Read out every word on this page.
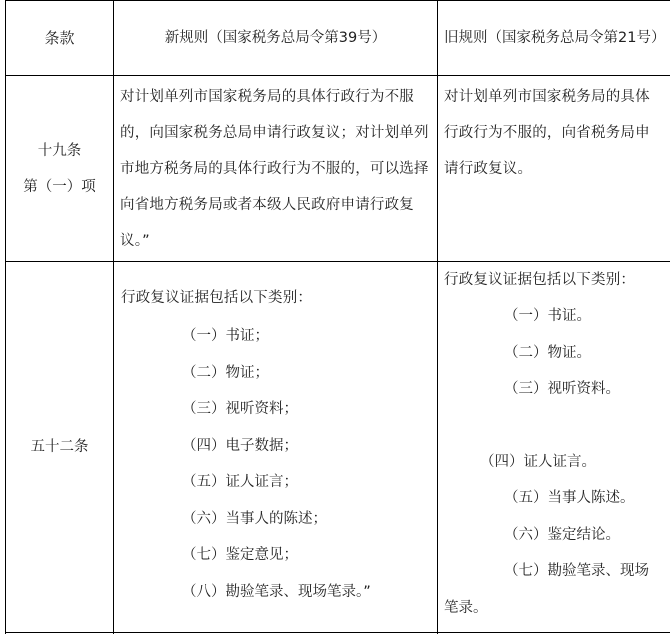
条款	新规则（国家税务总局令第39号）	旧规则（国家税务总局令第21号）
十九条
第（一）项

对计划单列市国家税务局的具体行政行为不服的，向国家税务总局申请行政复议；对计划单列市地方税务局的具体行政行为不服的，可以选择向省地方税务局或者本级人民政府申请行政复议。”

对计划单列市国家税务局的具体行政行为不服的，向省税务局申请行政复议。

五十二条

行政复议证据包括以下类别：

（一）书证；
（二）物证；
（三）视听资料；
（四）电子数据；
（五）证人证言；
（六）当事人的陈述；
（七）鉴定意见；
（八）勘验笔录、现场笔录。”

行政复议证据包括以下类别：

（一）书证。
（二）物证。
（三）视听资料。
（四）证人证言。
（五）当事人陈述。
（六）鉴定结论。
（七）勘验笔录、现场
笔录。
